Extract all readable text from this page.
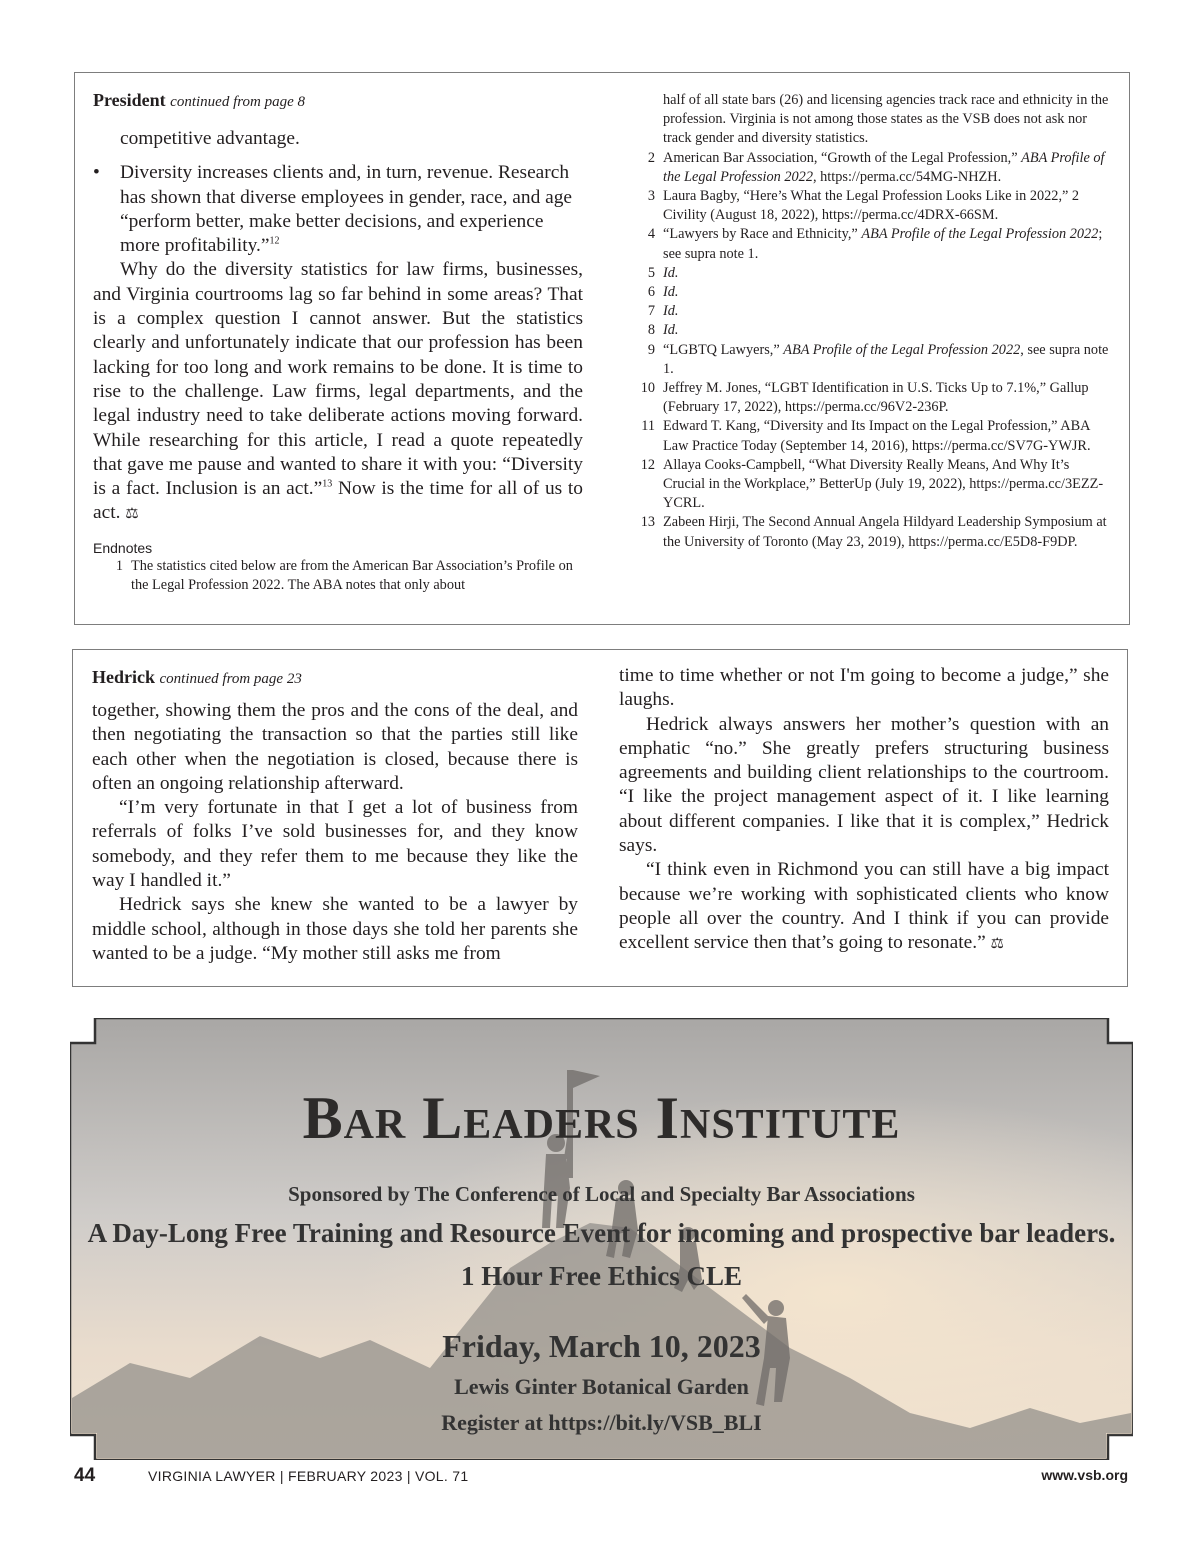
President continued from page 8

competitive advantage.

•	Diversity increases clients and, in turn, revenue. Research has shown that diverse employees in gender, race, and age “perform better, make better decisions, and experience more profitability.”$^{12}$

Why do the diversity statistics for law firms, businesses, and Virginia courtrooms lag so far behind in some areas? That is a complex question I cannot answer. But the statistics clearly and unfortunately indicate that our profession has been lacking for too long and work remains to be done. It is time to rise to the challenge. Law firms, legal departments, and the legal industry need to take deliberate actions moving forward. While researching for this article, I read a quote repeatedly that gave me pause and wanted to share it with you: “Diversity is a fact. Inclusion is an act.”$^{13}$ Now is the time for all of us to act. ⚖

Endnotes
1 The statistics cited below are from the American Bar Association’s Profile on the Legal Profession 2022. The ABA notes that only about
half of all state bars (26) and licensing agencies track race and ethnicity in the profession. Virginia is not among those states as the VSB does not ask nor track gender and diversity statistics.
2 American Bar Association, “Growth of the Legal Profession,” ABA Profile of the Legal Profession 2022, https://perma.cc/54MG-NHZH.
3 Laura Bagby, “Here’s What the Legal Profession Looks Like in 2022,” 2 Civility (August 18, 2022), https://perma.cc/4DRX-66SM.
4 “Lawyers by Race and Ethnicity,” ABA Profile of the Legal Profession 2022; see supra note 1.
5 Id.
6 Id.
7 Id.
8 Id.
9 “LGBTQ Lawyers,” ABA Profile of the Legal Profession 2022, see supra note 1.
10 Jeffrey M. Jones, “LGBT Identification in U.S. Ticks Up to 7.1%,” Gallup (February 17, 2022), https://perma.cc/96V2-236P.
11 Edward T. Kang, “Diversity and Its Impact on the Legal Profession,” ABA Law Practice Today (September 14, 2016), https://perma.cc/SV7G-YWJR.
12 Allaya Cooks-Campbell, “What Diversity Really Means, And Why It’s Crucial in the Workplace,” BetterUp (July 19, 2022), https://perma.cc/3EZZ-YCRL.
13 Zabeen Hirji, The Second Annual Angela Hildyard Leadership Symposium at the University of Toronto (May 23, 2019), https://perma.cc/E5D8-F9DP.
Hedrick continued from page 23

together, showing them the pros and the cons of the deal, and then negotiating the transaction so that the parties still like each other when the negotiation is closed, because there is often an ongoing relationship afterward.

“I’m very fortunate in that I get a lot of business from referrals of folks I’ve sold businesses for, and they know somebody, and they refer them to me because they like the way I handled it.”

Hedrick says she knew she wanted to be a lawyer by middle school, although in those days she told her parents she wanted to be a judge. “My mother still asks me from

time to time whether or not I'm going to become a judge,” she laughs.

Hedrick always answers her mother’s question with an emphatic “no.” She greatly prefers structuring business agreements and building client relationships to the courtroom. “I like the project management aspect of it. I like learning about different companies. I like that it is complex,” Hedrick says.

“I think even in Richmond you can still have a big impact because we’re working with sophisticated clients who know people all over the country. And I think if you can provide excellent service then that’s going to resonate.” ⚖

Bar Leaders Institute
Sponsored by The Conference of Local and Specialty Bar Associations
A Day-Long Free Training and Resource Event for incoming and prospective bar leaders.
1 Hour Free Ethics CLE
Friday, March 10, 2023
Lewis Ginter Botanical Garden
Register at https://bit.ly/VSB_BLI
44	VIRGINIA LAWYER | FEBRUARY 2023 | VOL. 71	www.vsb.org
